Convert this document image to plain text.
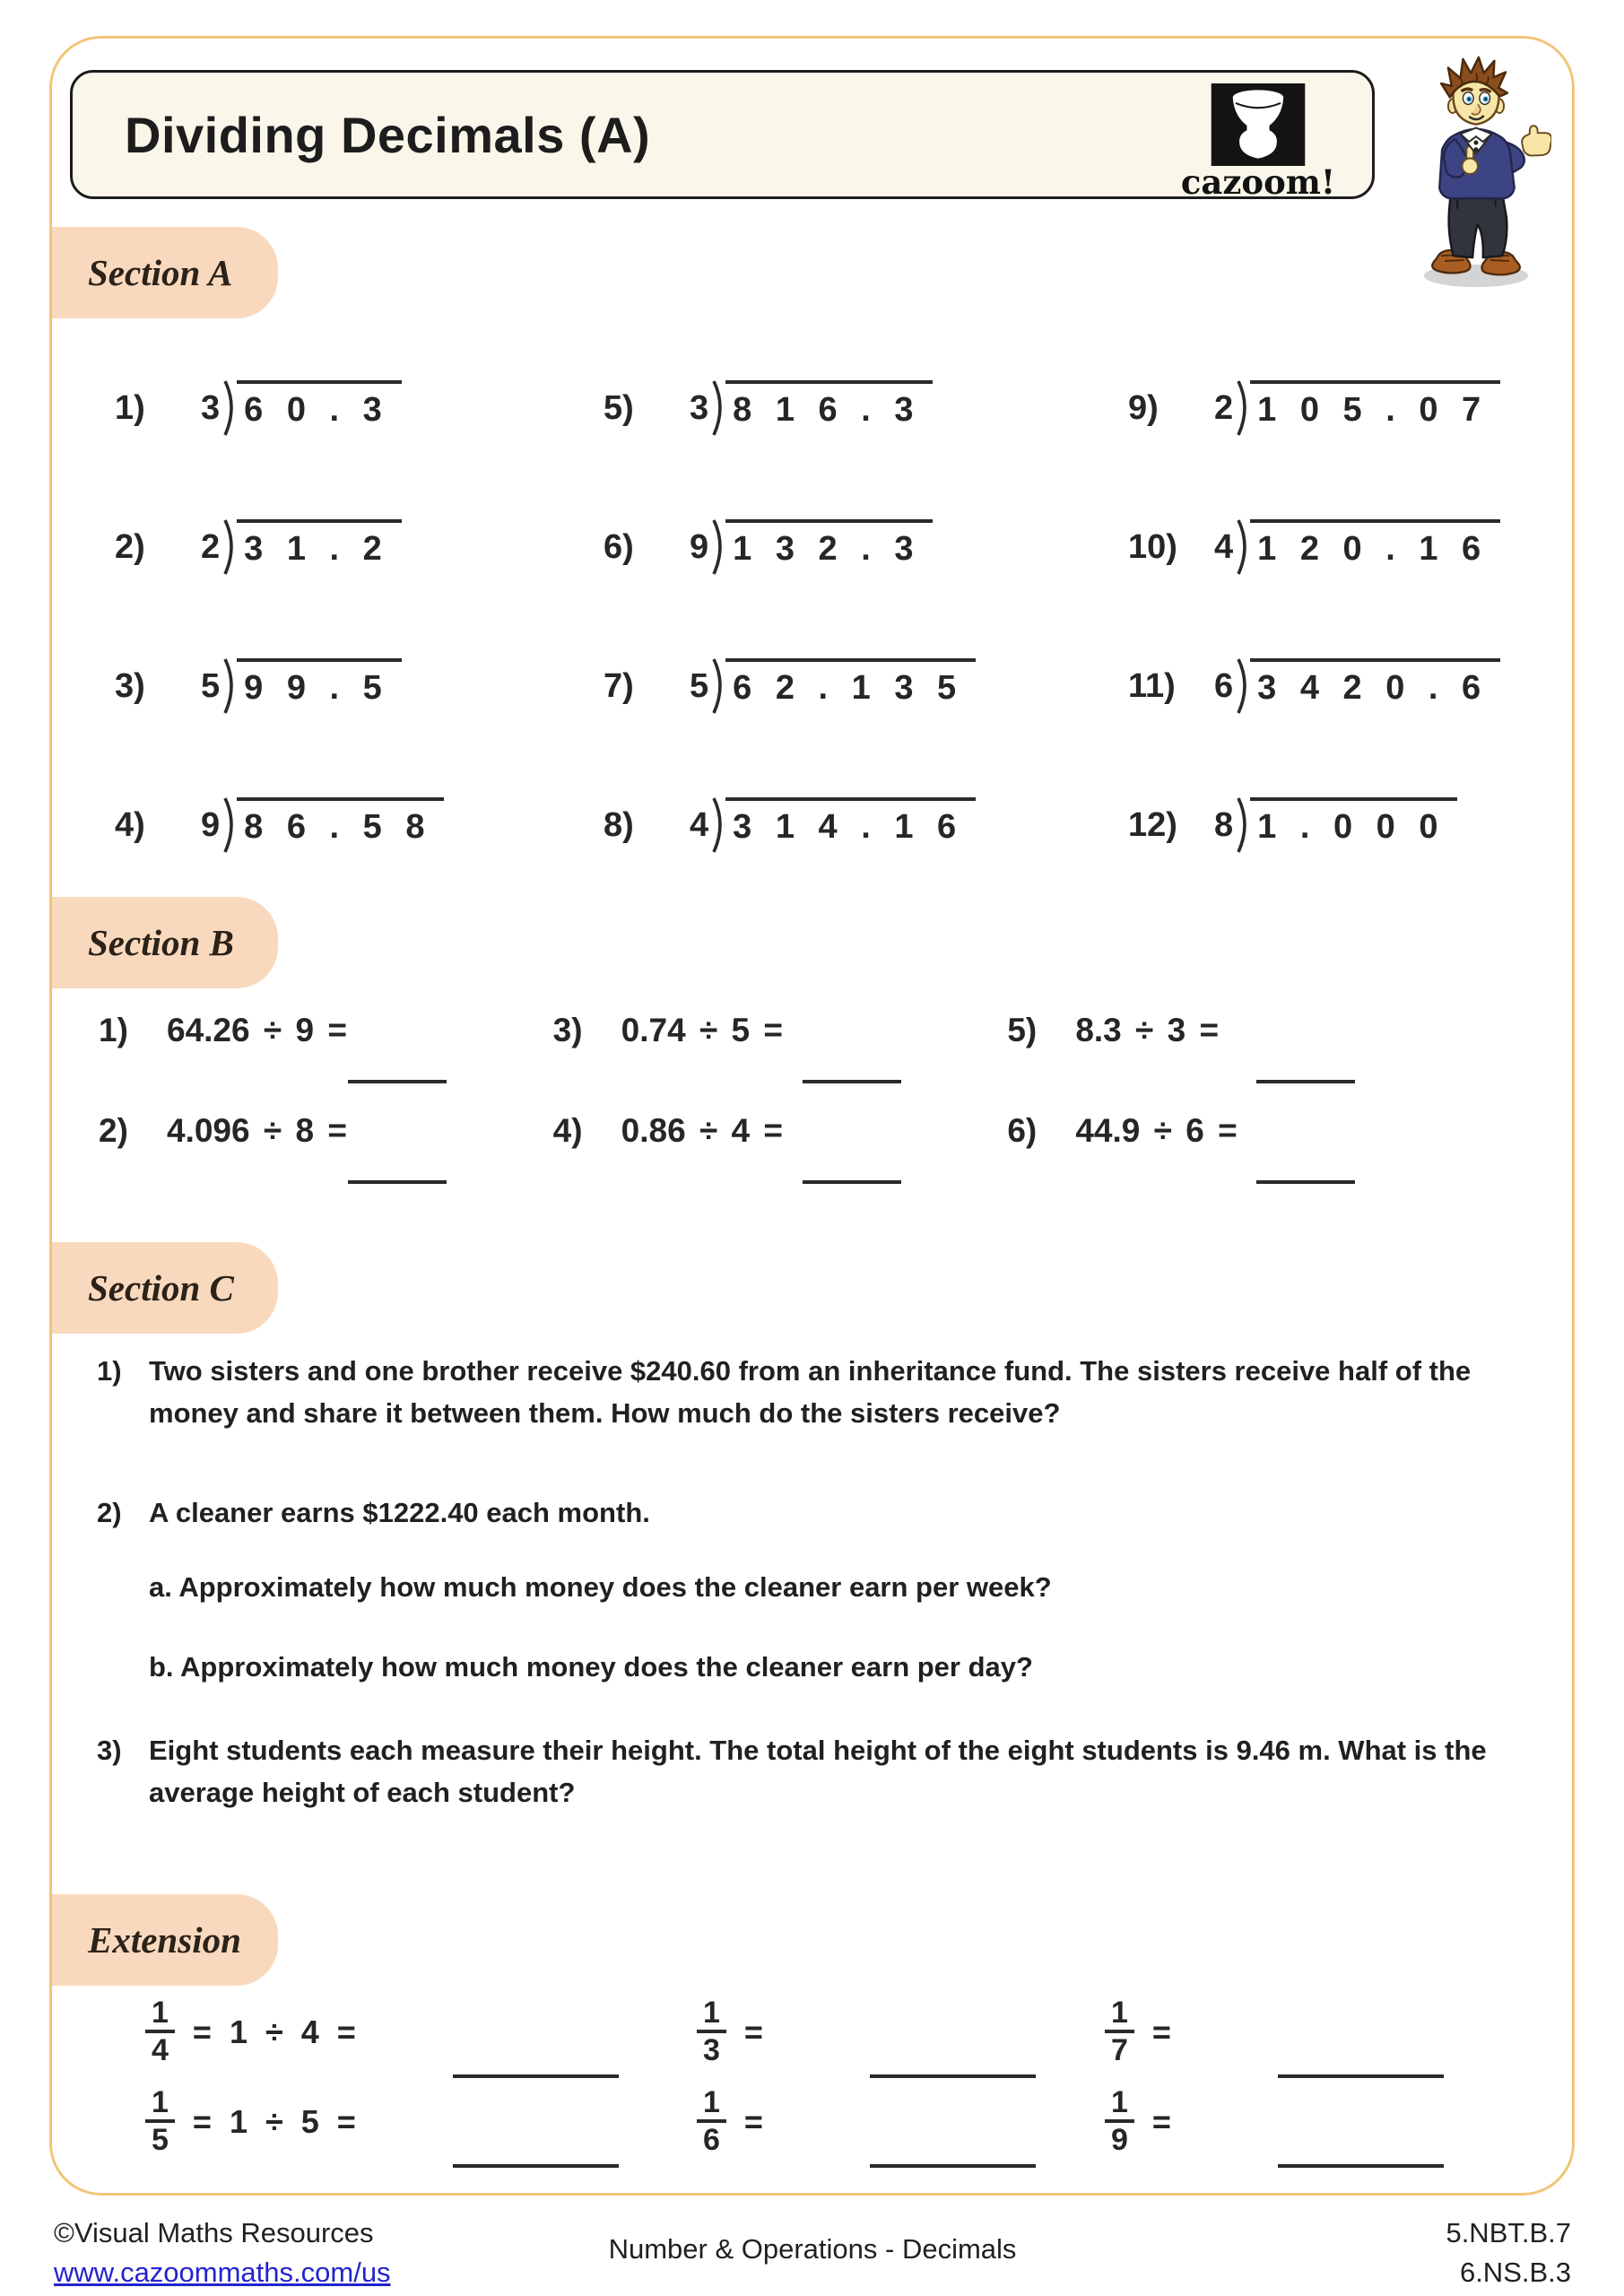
Dividing Decimals (A)
cazoom!
Section A
1)	3 6 0 . 3
2)	2 3 1 . 2
3)	5 9 9 . 5
4)	9 8 6 . 5 8
5)	3 8 1 6 . 3
6)	9 1 3 2 . 3
7)	5 6 2 . 1 3 5
8)	4 3 1 4 . 1 6
9)	2 1 0 5 . 0 7
10)	4 1 2 0 . 1 6
11)	6 3 4 2 0 . 6
12)	8 1 . 0 0 0
Section B
1) 64.26 ÷ 9 =
2) 4.096 ÷ 8 =
3) 0.74 ÷ 5 =
4) 0.86 ÷ 4 =
5) 8.3 ÷ 3 =
6) 44.9 ÷ 6 =
Section C
1) Two sisters and one brother receive $240.60 from an inheritance fund. The sisters receive half of the money and share it between them. How much do the sisters receive?
2) A cleaner earns $1222.40 each month.
a. Approximately how much money does the cleaner earn per week?
b. Approximately how much money does the cleaner earn per day?
3) Eight students each measure their height. The total height of the eight students is 9.46 m. What is the average height of each student?
Extension
$\frac{1}{4} = 1 \div 4$ =
$\frac{1}{5} = 1 \div 5$ =
$\frac{1}{3}$ =
$\frac{1}{6}$ =
$\frac{1}{7}$ =
$\frac{1}{9}$ =
©Visual Maths Resources
www.cazoommaths.com/us
Number & Operations - Decimals
5.NBT.B.7
6.NS.B.3
